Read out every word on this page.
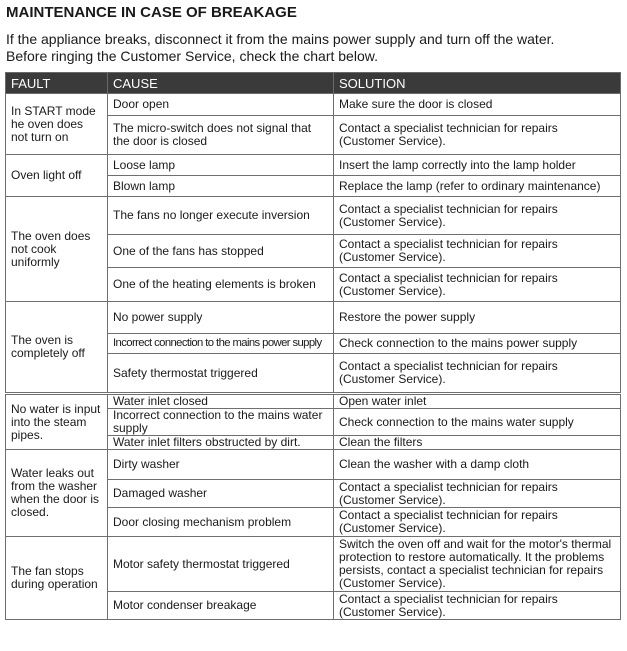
MAINTENANCE IN CASE OF BREAKAGE
If the appliance breaks, disconnect it from the mains power supply and turn off the water.
Before ringing the Customer Service, check the chart below.
FAULT	CAUSE	SOLUTION
In START mode he oven does not turn on	Door open	Make sure the door is closed
	The micro-switch does not signal that the door is closed	Contact a specialist technician for repairs (Customer Service).
Oven light off	Loose lamp	Insert the lamp correctly into the lamp holder
	Blown lamp	Replace the lamp (refer to ordinary maintenance)
The oven does not cook uniformly	The fans no longer execute inversion	Contact a specialist technician for repairs (Customer Service).
	One of the fans has stopped	Contact a specialist technician for repairs (Customer Service).
	One of the heating elements is broken	Contact a specialist technician for repairs (Customer Service).
The oven is completely off	No power supply	Restore the power supply
	Incorrect connection to the mains power supply	Check connection to the mains power supply
	Safety thermostat triggered	Contact a specialist technician for repairs (Customer Service).
No water is input into the steam pipes.	Water inlet closed	Open water inlet
	Incorrect connection to the mains water supply	Check connection to the mains water supply
	Water inlet filters obstructed by dirt.	Clean the filters
Water leaks out from the washer when the door is closed.	Dirty washer	Clean the washer with a damp cloth
	Damaged washer	Contact a specialist technician for repairs (Customer Service).
	Door closing mechanism problem	Contact a specialist technician for repairs (Customer Service).
The fan stops during operation	Motor safety thermostat triggered	Switch the oven off and wait for the motor's thermal protection to restore automatically. It the problems persists, contact a specialist technician for repairs (Customer Service).
	Motor condenser breakage	Contact a specialist technician for repairs (Customer Service).
